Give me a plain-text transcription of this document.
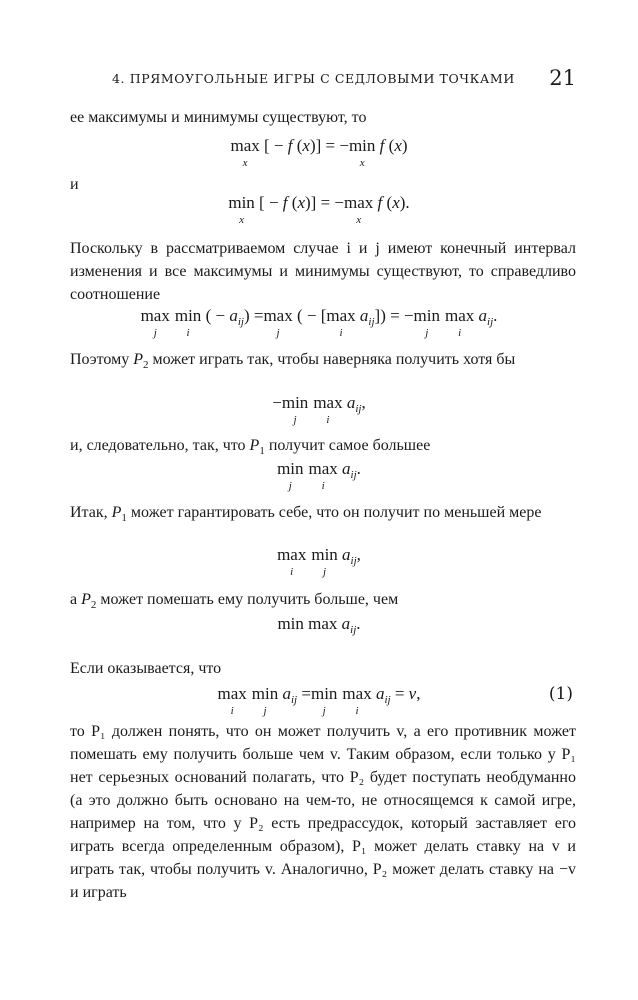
4. ПРЯМОУГОЛЬНЫЕ ИГРЫ С СЕДЛОВЫМИ ТОЧКАМИ 21
ее максимумы и минимумы существуют, то
max
x
[ − f (x)] = − min
x
f (x)
и
min
x
[ − f (x)] = − max
x
f (x).
Поскольку в рассматриваемом случае i и j имеют конечный интервал изменения и все максимумы и минимумы существуют, то справедливо соотношение
max
j
min
i
( − $a_{ij}) = \max$
j
( − [ max
i
$a_{ij}$]) = − min
j
max
i
$a_{ij}$.
Поэтому $P_2$ может играть так, чтобы наверняка получить хотя бы
− min
j
max
i
$a_{ij}$,
и, следовательно, так, что $P_1$ получит самое большее
min
j
max
i
$a_{ij}$.
Итак, $P_1$ может гарантировать себе, что он получит по меньшей мере
max
i
min
j
$a_{ij}$,
а $P_2$ может помешать ему получить больше, чем
min
$\max a_{ij}$.
Если оказывается, что
max
i
min
j
$a_{ij} = \min$
j
max
i
$a_{ij} = v$,	(1)
то P₁ должен понять, что он может получить v, а его противник может помешать ему получить больше чем v. Таким образом, если только у P₁ нет серьезных оснований полагать, что P₂ будет поступать необдуманно (а это должно быть основано на чем-то, не относящемся к самой игре, например на том, что у P₂ есть предрассудок, который заставляет его играть всегда определенным образом), P₁ может делать ставку на v и играть так, чтобы получить v. Аналогично, P₂ может делать ставку на −v и играть
